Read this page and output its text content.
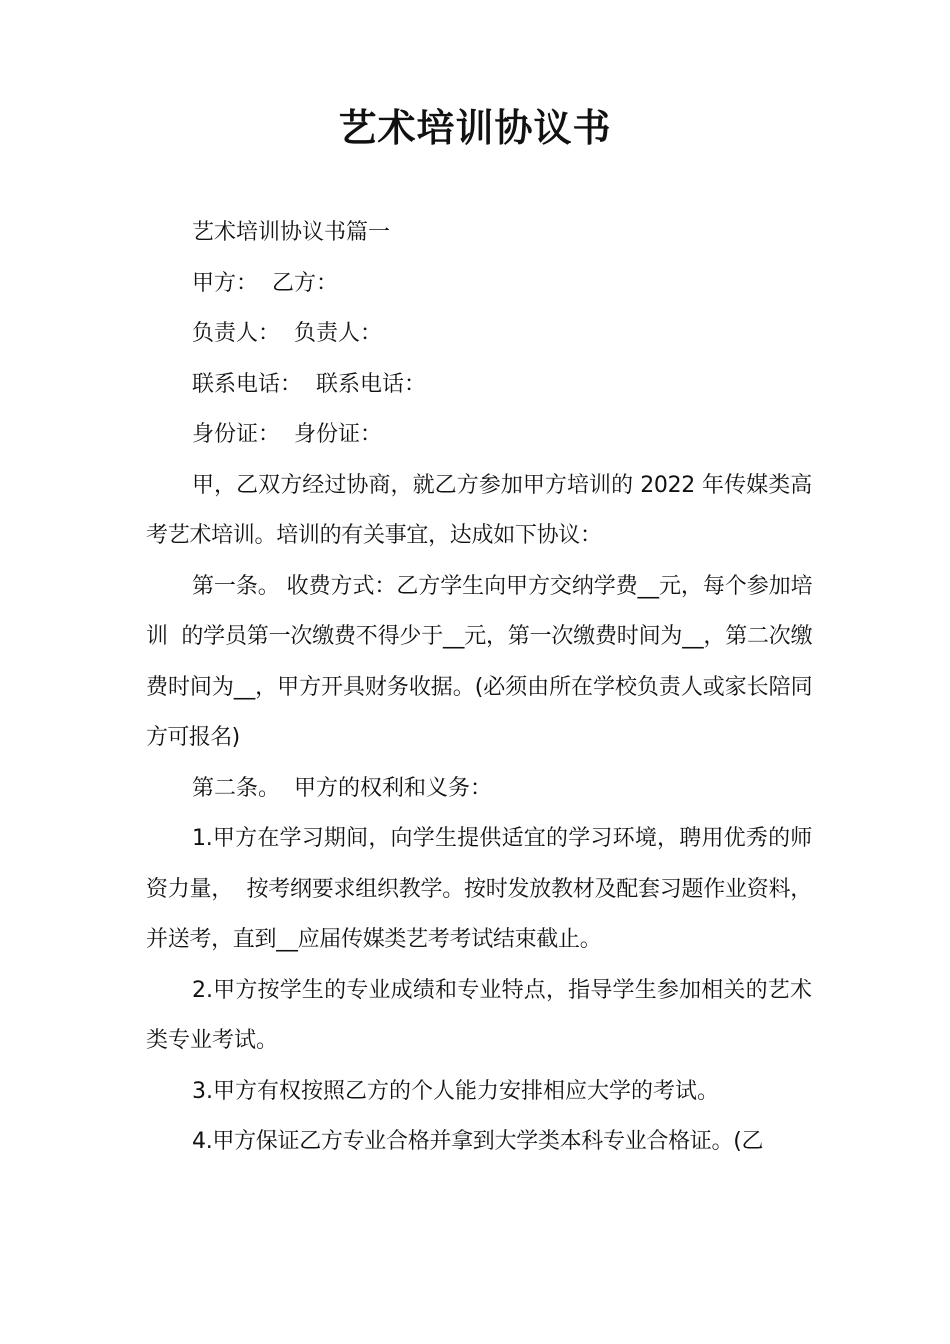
艺术培训协议书

艺术培训协议书篇一

甲方：  乙方：

负责人：  负责人：

联系电话：  联系电话：

身份证：  身份证：

甲，乙双方经过协商，就乙方参加甲方培训的 2022 年传媒类高考艺术培训。培训的有关事宜，达成如下协议：

第一条。 收费方式：乙方学生向甲方交纳学费__元，每个参加培训  的学员第一次缴费不得少于__元，第一次缴费时间为__，第二次缴费时间为__，甲方开具财务收据。(必须由所在学校负责人或家长陪同方可报名)

第二条。  甲方的权利和义务：

1.甲方在学习期间，向学生提供适宜的学习环境，聘用优秀的师资力量，  按考纲要求组织教学。按时发放教材及配套习题作业资料，并送考，直到__应届传媒类艺考考试结束截止。

2.甲方按学生的专业成绩和专业特点，指导学生参加相关的艺术类专业考试。

3.甲方有权按照乙方的个人能力安排相应大学的考试。

4.甲方保证乙方专业合格并拿到大学类本科专业合格证。(乙
